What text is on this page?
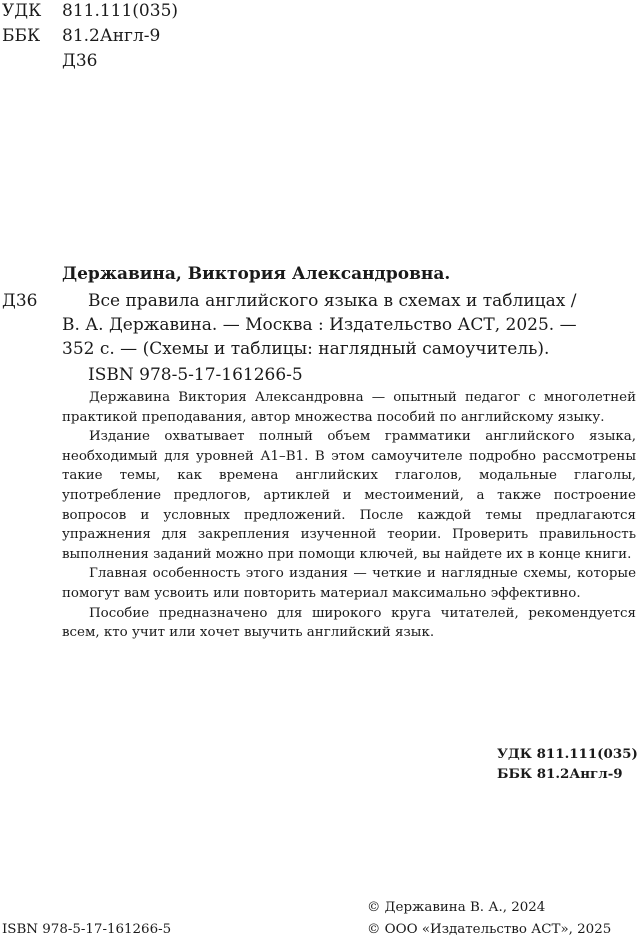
УДК 811.111(035)
ББК 81.2Англ-9
Д36
Державина, Виктория Александровна.
Д36	Все правила английского языка в схемах и таблицах /
В. А. Державина. — Москва : Издательство АСТ, 2025. —
352 с. — (Схемы и таблицы: наглядный самоучитель).
ISBN 978-5-17-161266-5

Державина Виктория Александровна — опытный педагог с многолетней практикой преподавания, автор множества пособий по английскому языку.

Издание охватывает полный объем грамматики английского языка, необходимый для уровней А1–В1. В этом самоучителе подробно рассмотрены такие темы, как времена английских глаголов, модальные глаголы, употребление предлогов, артиклей и местоимений, а также построение вопросов и условных предложений. После каждой темы предлагаются упражнения для закрепления изученной теории. Проверить правильность выполнения заданий можно при помощи ключей, вы найдете их в конце книги.

Главная особенность этого издания — четкие и наглядные схемы, которые помогут вам усвоить или повторить материал максимально эффективно.

Пособие предназначено для широкого круга читателей, рекомендуется всем, кто учит или хочет выучить английский язык.

УДК 811.111(035)
ББК 81.2Англ-9
© Державина В. А., 2024
ISBN 978-5-17-161266-5	© ООО «Издательство АСТ», 2025
